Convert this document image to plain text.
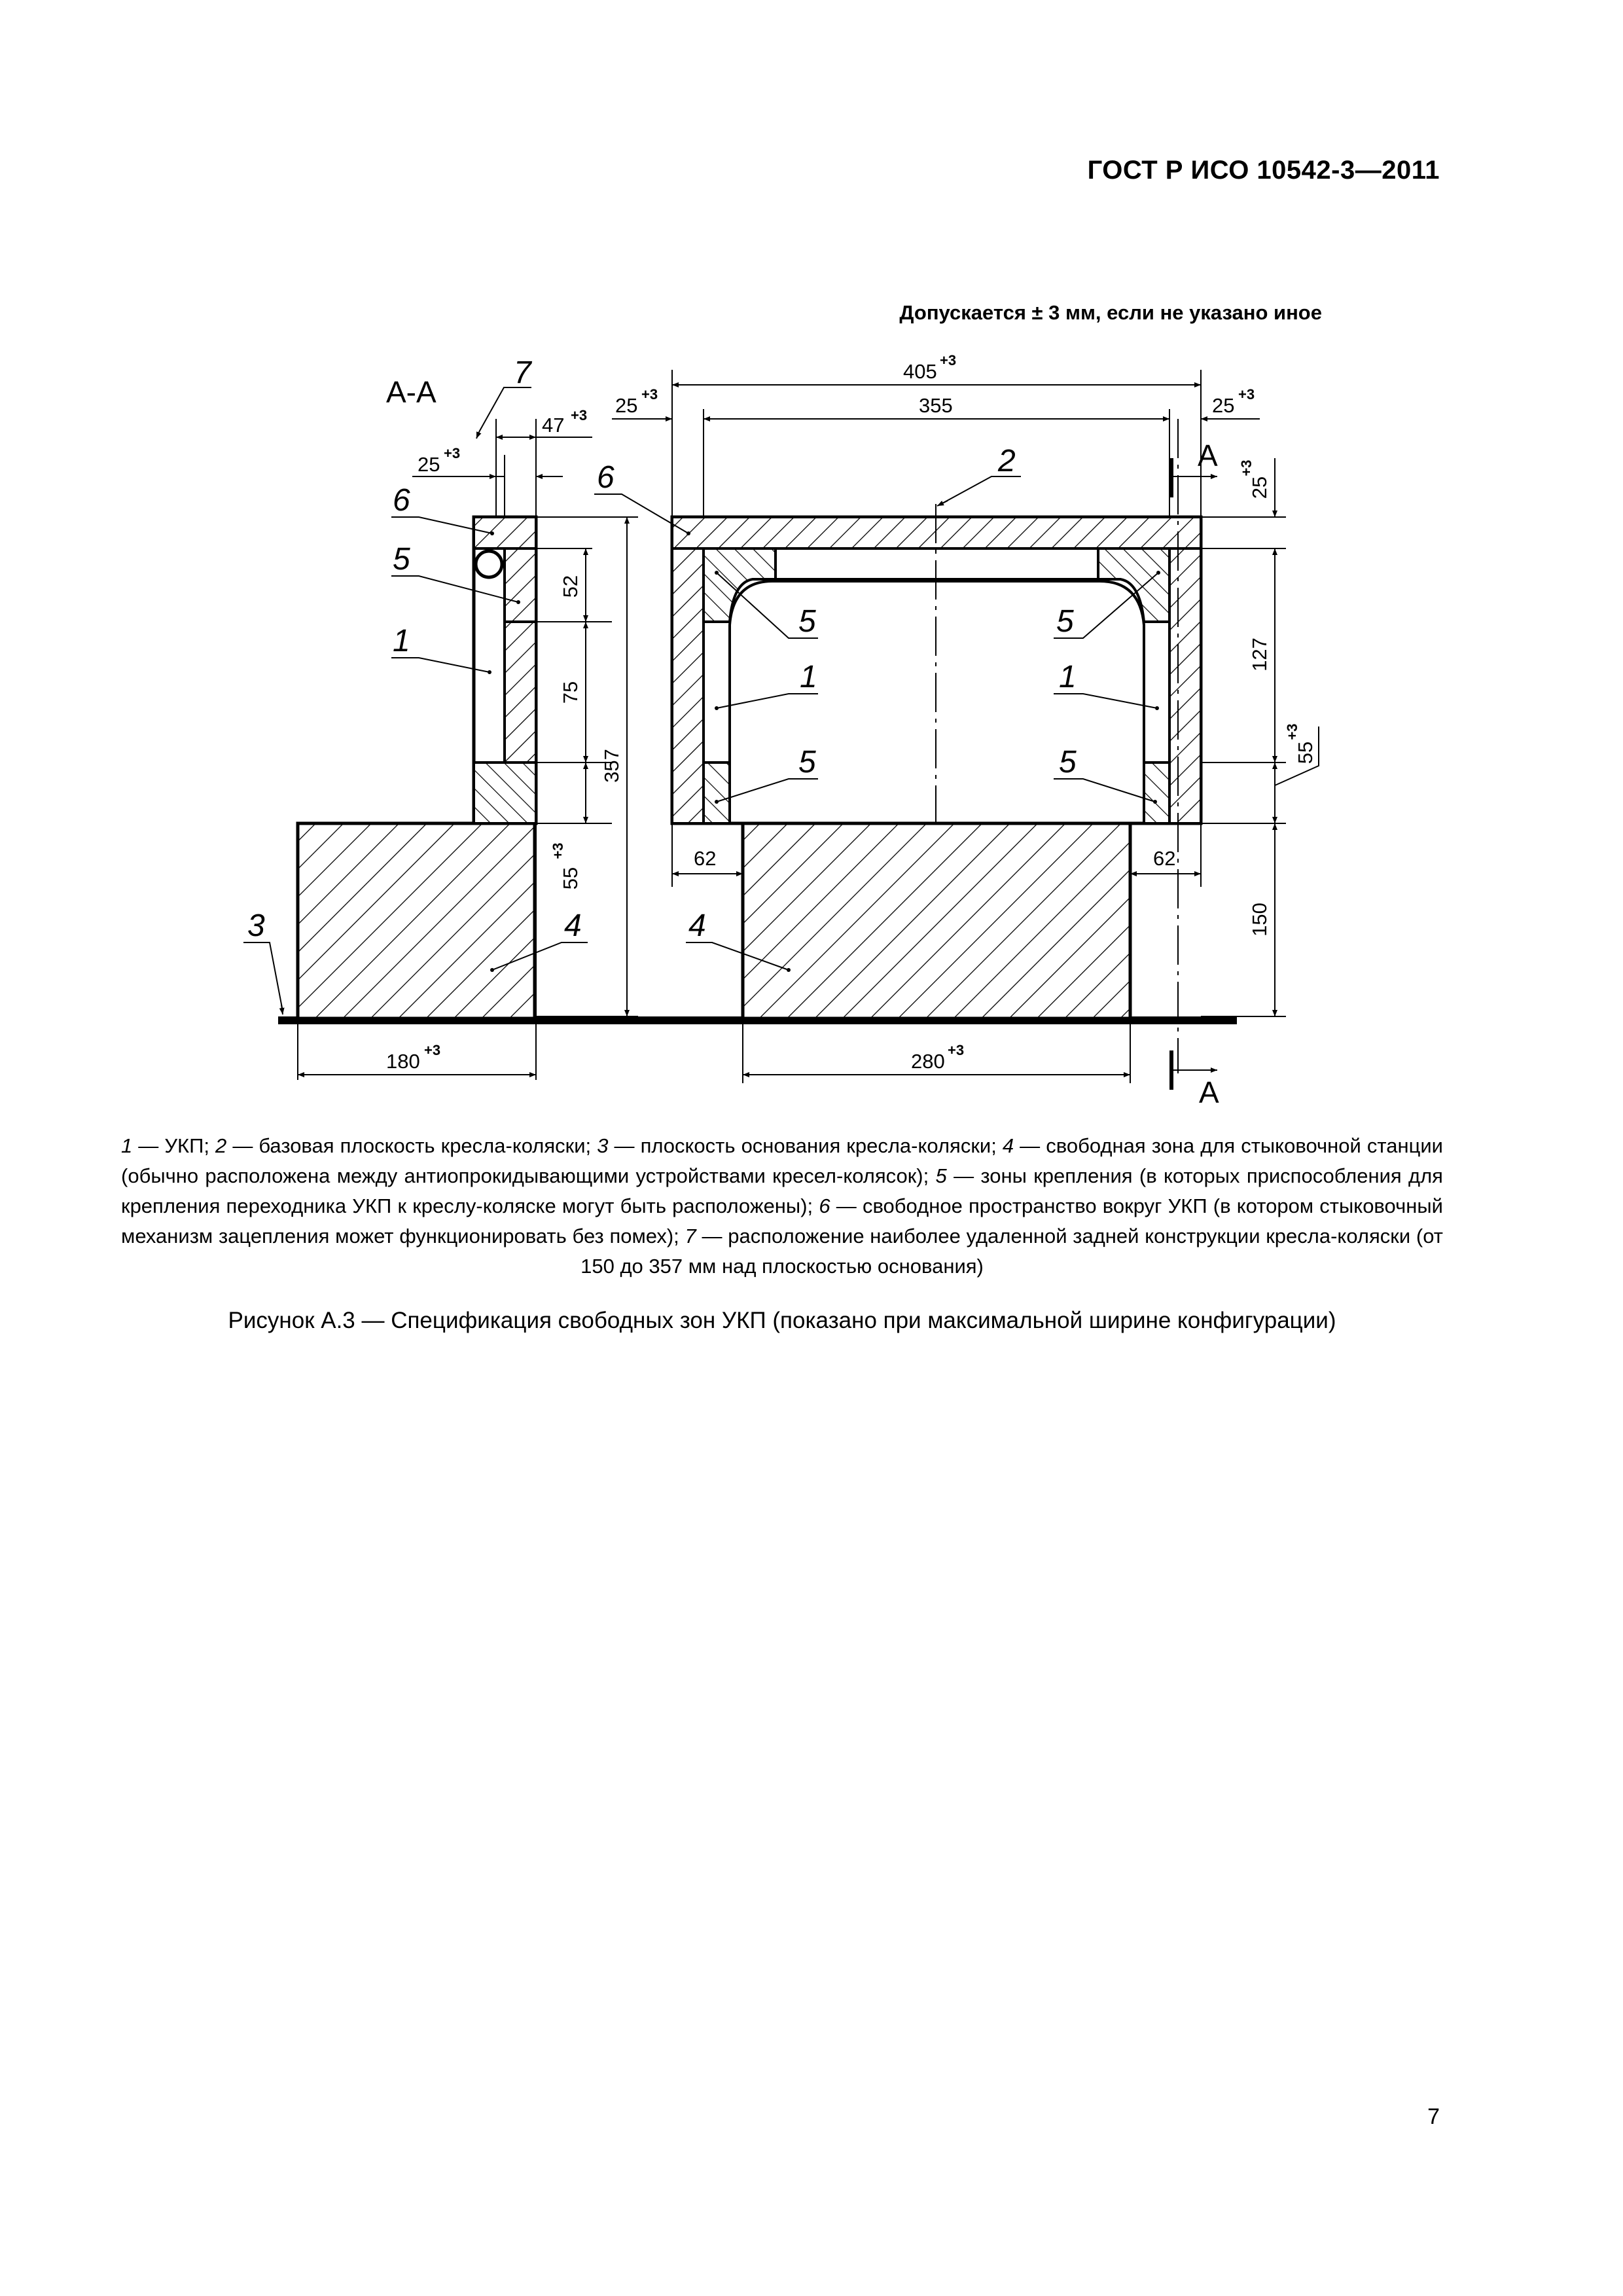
ГОСТ Р ИСО 10542-3—2011
Допускается ± 3 мм, если не указано иное
47 +3
25 +3
52
75
55
+3
357
180 +3
А-А
7
6
5
1
3	4
А
А
405 +3
355
25 +3	25 +3
25
+3
127
55
+3
150
62	62
280 +3
2
6
5	5
1	1
5	5
4
1 — УКП; 2 — базовая плоскость кресла-коляски; 3 — плоскость основания кресла-коляски; 4 — свободная зона для стыковочной станции (обычно расположена между антиопрокидывающими устройствами кресел-колясок); 5 — зоны крепления (в которых приспособления для крепления переходника УКП к креслу-коляске могут быть расположены); 6 — свободное пространство вокруг УКП (в котором стыковочный механизм зацепления может функционировать без помех); 7 — расположение наиболее удаленной задней конструкции кресла-коляски (от 150 до 357 мм над плоскостью основания)
Рисунок А.3 — Спецификация свободных зон УКП (показано при максимальной ширине конфигурации)
7
